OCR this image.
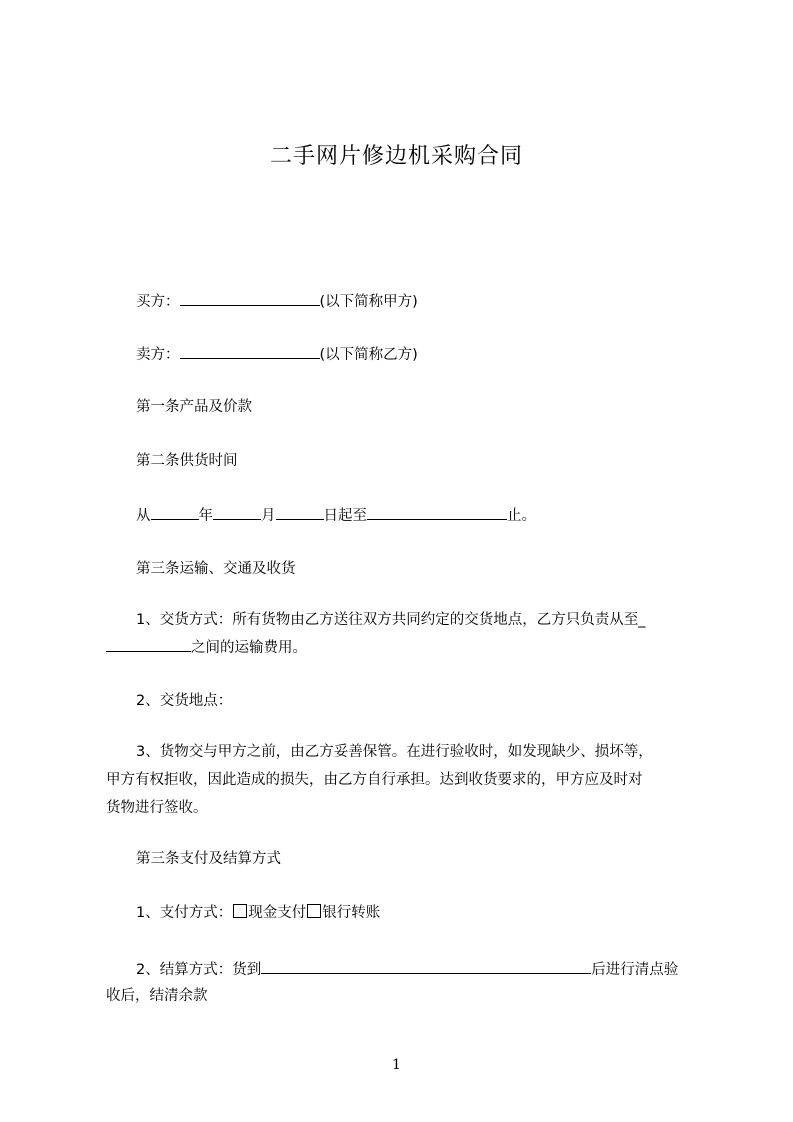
二手网片修边机采购合同
买方：	(以下简称甲方)
卖方：	(以下简称乙方)
第一条产品及价款
第二条供货时间
从	年	月	日起至	止。
第三条运输、交通及收货
1、交货方式：所有货物由乙方送往双方共同约定的交货地点，乙方只负责从至_
之间的运输费用。
2、交货地点：
3、货物交与甲方之前，由乙方妥善保管。在进行验收时，如发现缺少、损坏等，
甲方有权拒收，因此造成的损失，由乙方自行承担。达到收货要求的，甲方应及时对
货物进行签收。
第三条支付及结算方式
1、支付方式： 现金支付 银行转账
2、结算方式：货到	后进行清点验
收后，结清余款
1
